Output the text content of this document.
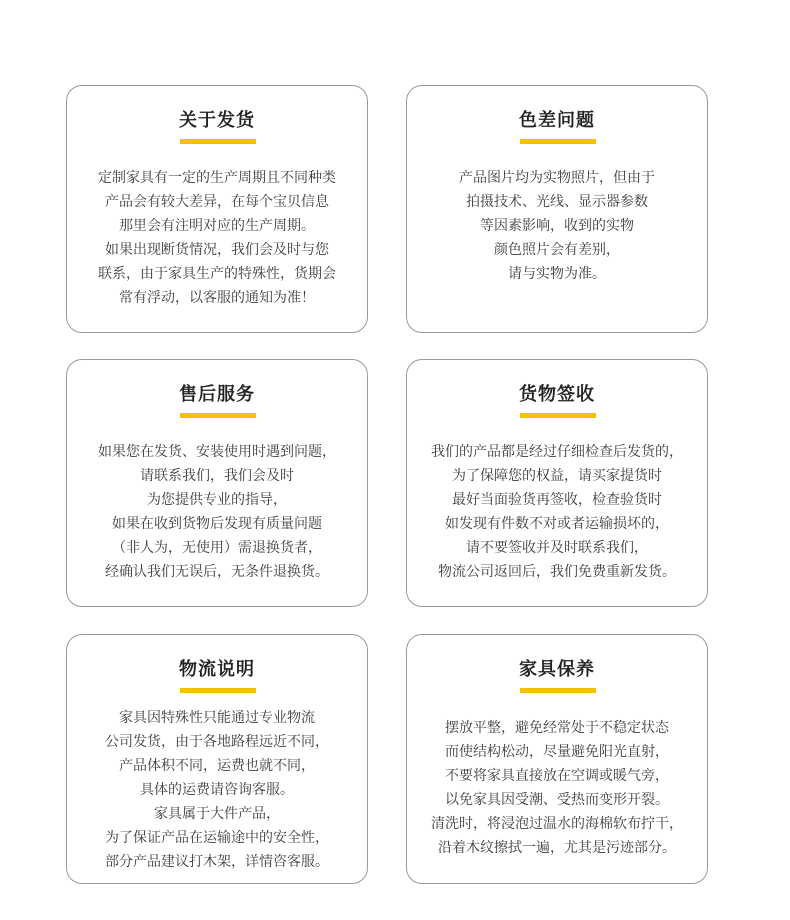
关于发货
定制家具有一定的生产周期且不同种类
产品会有较大差异，在每个宝贝信息
那里会有注明对应的生产周期。
如果出现断货情况，我们会及时与您
联系，由于家具生产的特殊性，货期会
常有浮动，以客服的通知为准！
色差问题
产品图片均为实物照片，但由于
拍摄技术、光线、显示器参数
等因素影响，收到的实物
颜色照片会有差别，
请与实物为准。
售后服务
如果您在发货、安装使用时遇到问题，
请联系我们，我们会及时
为您提供专业的指导，
如果在收到货物后发现有质量问题
（非人为，无使用）需退换货者，
经确认我们无误后，无条件退换货。
货物签收
我们的产品都是经过仔细检查后发货的，
为了保障您的权益，请买家提货时
最好当面验货再签收，检查验货时
如发现有件数不对或者运输损坏的，
请不要签收并及时联系我们，
物流公司返回后，我们免费重新发货。
物流说明
家具因特殊性只能通过专业物流
公司发货，由于各地路程远近不同，
产品体积不同，运费也就不同，
具体的运费请咨询客服。
家具属于大件产品，
为了保证产品在运输途中的安全性，
部分产品建议打木架，详情咨客服。
家具保养
摆放平整，避免经常处于不稳定状态
而使结构松动，尽量避免阳光直射，
不要将家具直接放在空调或暖气旁，
以免家具因受潮、受热而变形开裂。
清洗时，将浸泡过温水的海棉软布拧干，
沿着木纹擦拭一遍，尤其是污迹部分。
